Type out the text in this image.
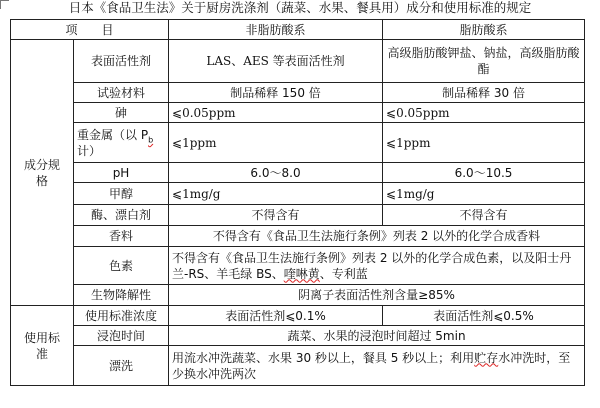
日本《食品卫生法》关于厨房洗涤剂（蔬菜、水果、餐具用）成分和使用标准的规定
项　　目		非脂肪酸系	脂肪酸系
成分规格	表面活性剂	LAS、AES 等表面活性剂	高级脂肪酸钾盐、钠盐，高级脂肪酸酯
	试验材料	制品稀释 150 倍	制品稀释 30 倍
	砷	⩽0.05ppm	⩽0.05ppm
	重金属（以 $P_b$计）	⩽1ppm	⩽1ppm
	pH	6.0～8.0	6.0～10.5
	甲醇	⩽1mg/g	⩽1mg/g
	酶、漂白剂	不得含有	不得含有
	香料	不得含有《食品卫生法施行条例》列表 2 以外的化学合成香料	
	色素	不得含有《食品卫生法施行条例》列表 2 以外的化学合成色素，以及阳士丹兰-RS、羊毛绿 BS、喹啉黄、专利蓝	
	生物降解性	阴离子表面活性剂含量≥85%	
使用标准	使用标准浓度	表面活性剂⩽0.1%	表面活性剂⩽0.5%
	浸泡时间	蔬菜、水果的浸泡时间超过 5min	
	漂洗	用流水冲洗蔬菜、水果 30 秒以上，餐具 5 秒以上；利用贮存水冲洗时，至少换水冲洗两次	
